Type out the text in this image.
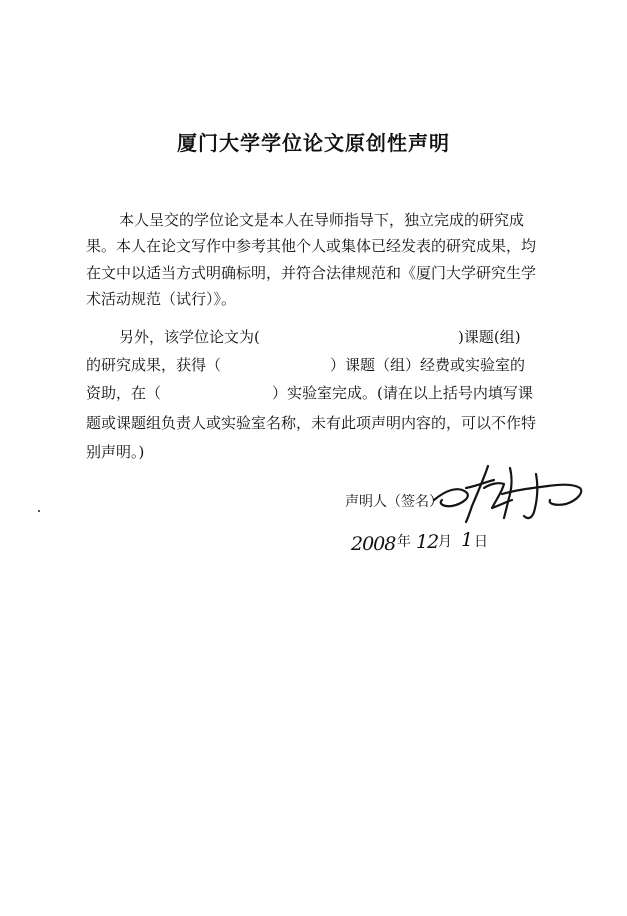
厦门大学学位论文原创性声明
本人呈交的学位论文是本人在导师指导下，独立完成的研究成
果。本人在论文写作中参考其他个人或集体已经发表的研究成果，均
在文中以适当方式明确标明，并符合法律规范和《厦门大学研究生学
术活动规范（试行）》。
另外，该学位论文为(	)课题(组)
的研究成果，获得（	）课题（组）经费或实验室的
资助，在（	）实验室完成。(请在以上括号内填写课
题或课题组负责人或实验室名称，未有此项声明内容的，可以不作特
别声明。)
声明人（签名）
2008 年 12 月 1 日
